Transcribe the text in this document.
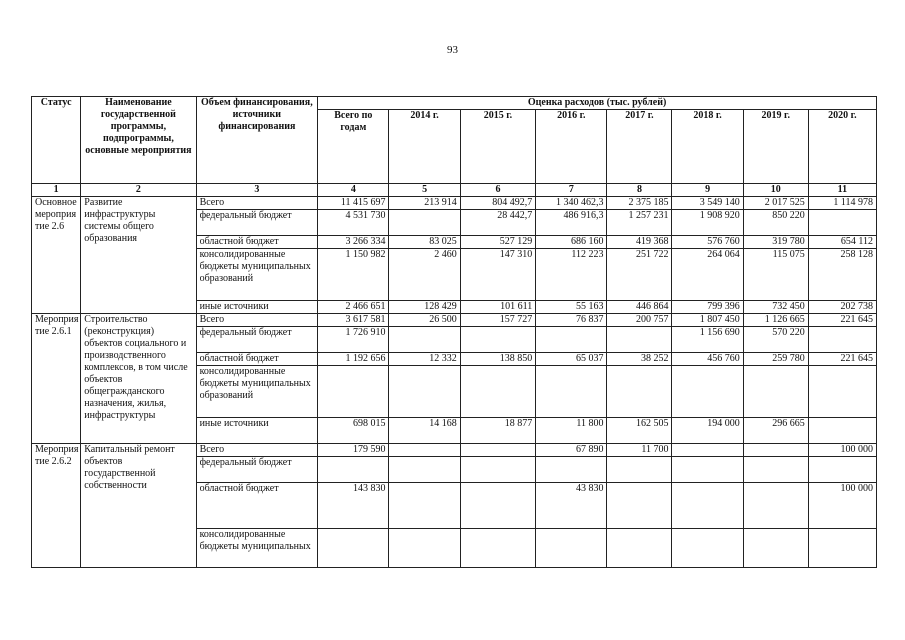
93
Статус	Наименование государственной программы, подпрограммы, основные мероприятия	Объем финансирования, источники финансирования	Оценка расходов (тыс. рублей)							
			Всего по годам	2014 г.	2015 г.	2016 г.	2017 г.	2018 г.	2019 г.	2020 г.
1	2	3	4	5	6	7	8	9	10	11
Основное мероприя тие 2.6	Развитие инфраструктуры системы общего образования	Всего	11 415 697	213 914	804 492,7	1 340 462,3	2 375 185	3 549 140	2 017 525	1 114 978
		федеральный бюджет	4 531 730		28 442,7	486 916,3	1 257 231	1 908 920	850 220	
		областной бюджет	3 266 334	83 025	527 129	686 160	419 368	576 760	319 780	654 112
		консолидированные бюджеты муниципальных образований	1 150 982	2 460	147 310	112 223	251 722	264 064	115 075	258 128
		иные источники	2 466 651	128 429	101 611	55 163	446 864	799 396	732 450	202 738
Мероприя тие 2.6.1	Строительство (реконструкция) объектов социального и производственного комплексов, в том числе объектов общегражданского назначения, жилья, инфраструктуры	Всего	3 617 581	26 500	157 727	76 837	200 757	1 807 450	1 126 665	221 645
		федеральный бюджет	1 726 910					1 156 690	570 220	
		областной бюджет	1 192 656	12 332	138 850	65 037	38 252	456 760	259 780	221 645
		консолидированные бюджеты муниципальных образований								
		иные источники	698 015	14 168	18 877	11 800	162 505	194 000	296 665	
Мероприя тие 2.6.2	Капитальный ремонт объектов государственной собственности	Всего	179 590			67 890	11 700			100 000
		федеральный бюджет								
		областной бюджет	143 830			43 830				100 000
		консолидированные бюджеты муниципальных								
